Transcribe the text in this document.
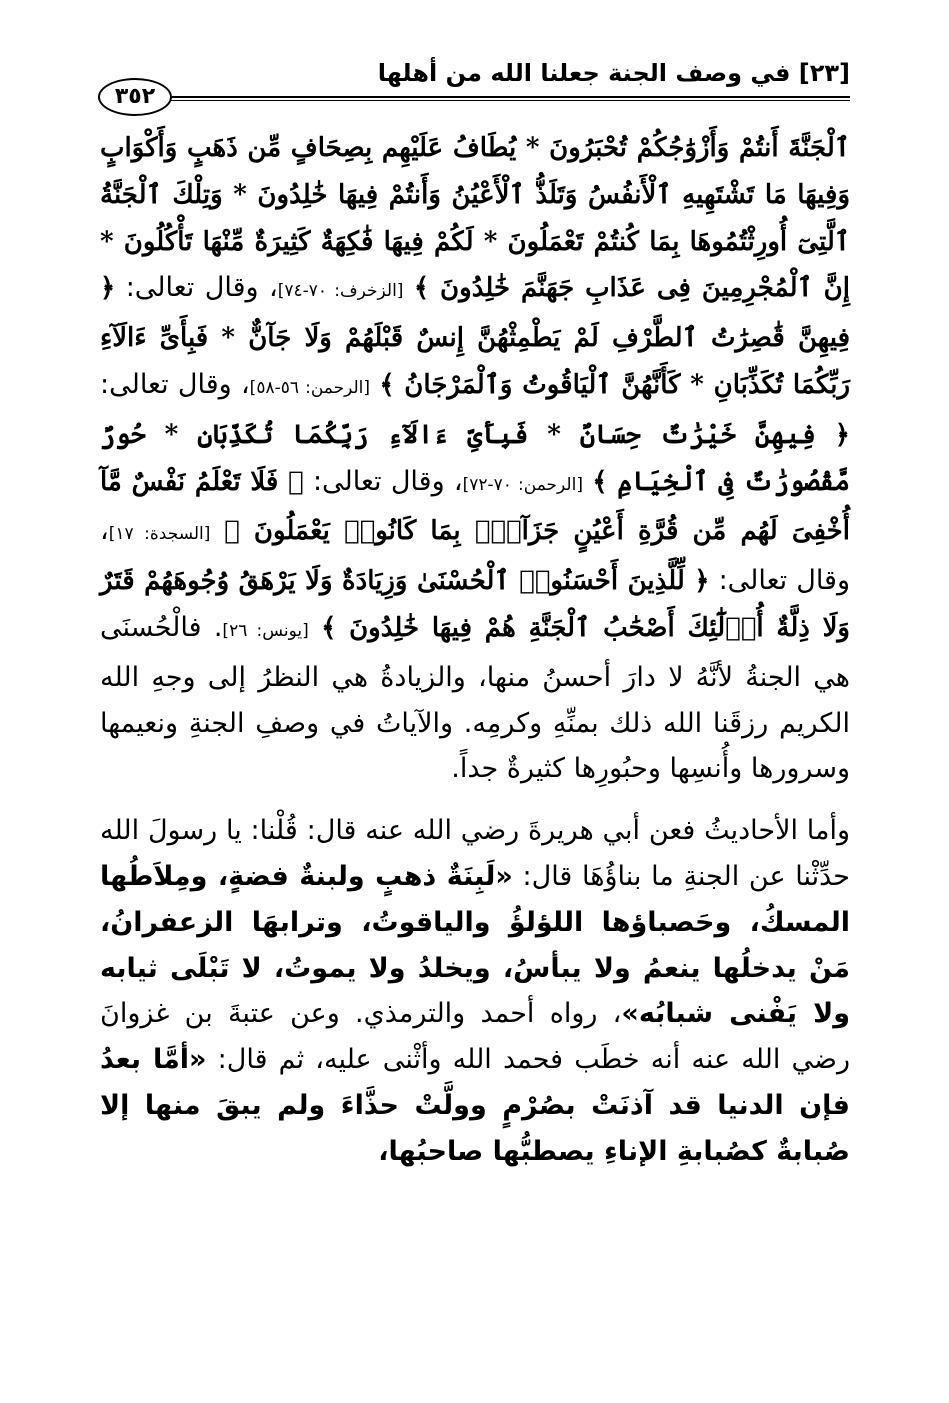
[٢٣] في وصف الجنة جعلنا الله من أهلها
٣٥٢

ٱلْجَنَّةَ أَنتُمْ وَأَزْوَٰجُكُمْ تُحْبَرُونَ * يُطَافُ عَلَيْهِم بِصِحَافٍ مِّن ذَهَبٍ وَأَكْوَابٍ وَفِيهَا مَا تَشْتَهِيهِ ٱلْأَنفُسُ وَتَلَذُّ ٱلْأَعْيُنُ وَأَنتُمْ فِيهَا خَٰلِدُونَ * وَتِلْكَ ٱلْجَنَّةُ ٱلَّتِىٓ أُورِثْتُمُوهَا بِمَا كُنتُمْ تَعْمَلُونَ * لَكُمْ فِيهَا فَٰكِهَةٌ كَثِيرَةٌ مِّنْهَا تَأْكُلُونَ * إِنَّ ٱلْمُجْرِمِينَ فِى عَذَابِ جَهَنَّمَ خَٰلِدُونَ ﴾ [الزخرف: ٧٠-٧٤]، وقال تعالى: ﴿ فِيهِنَّ قَٰصِرَٰتُ ٱلطَّرْفِ لَمْ يَطْمِثْهُنَّ إِنسٌ قَبْلَهُمْ وَلَا جَآنٌّ * فَبِأَىِّ ءَالَآءِ رَبِّكُمَا تُكَذِّبَانِ * كَأَنَّهُنَّ ٱلْيَاقُوتُ وَٱلْمَرْجَانُ ﴾ [الرحمن: ٥٦-٥٨]، وقال تعالى: ﴿ فِيهِنَّ خَيْرَٰتٌ حِسَانٌ * فَبِأَىِّ ءَالَآءِ رَبِّكُمَا تُكَذِّبَانِ * حُورٌ مَّقْصُورَٰتٌ فِى ٱلْخِيَامِ ﴾ [الرحمن: ٧٠-٧٢]، وقال تعالى: ﴿ فَلَا تَعْلَمُ نَفْسٌ مَّآ أُخْفِىَ لَهُم مِّن قُرَّةِ أَعْيُنٍ جَزَآءًۢ بِمَا كَانُوا۟ يَعْمَلُونَ ﴾ [السجدة: ١٧]، وقال تعالى: ﴿ لِّلَّذِينَ أَحْسَنُوا۟ ٱلْحُسْنَىٰ وَزِيَادَةٌ وَلَا يَرْهَقُ وُجُوهَهُمْ قَتَرٌ وَلَا ذِلَّةٌ أُو۟لَٰٓئِكَ أَصْحَٰبُ ٱلْجَنَّةِ هُمْ فِيهَا خَٰلِدُونَ ﴾ [يونس: ٢٦]. فالْحُسنَى هي الجنةُ لأنَّهُ لا دارَ أحسنُ منها، والزيادةُ هي النظرُ إلى وجهِ الله الكريم رزقَنا الله ذلك بمنِّهِ وكرمِه. والآياتُ في وصفِ الجنةِ ونعيمها وسرورها وأُنسِها وحبُورِها كثيرةٌ جداً.

وأما الأحاديثُ فعن أبي هريرةَ رضي الله عنه قال: قُلْنا: يا رسولَ الله حدِّثْنا عن الجنةِ ما بناؤُهَا قال: «لَبِنَةٌ ذهبٍ ولبنةٌ فضةٍ، ومِلاَطُها المسكُ، وحَصباؤها اللؤلؤُ والياقوتُ، وترابهَا الزعفرانُ، مَنْ يدخلُها ينعمُ ولا يبأسُ، ويخلدُ ولا يموتُ، لا تَبْلَى ثيابه ولا يَفْنى شبابُه»، رواه أحمد والترمذي. وعن عتبةَ بن غزوانَ رضي الله عنه أنه خطَب فحمد الله وأثْنى عليه، ثم قال: «أمَّا بعدُ فإن الدنيا قد آذنَتْ بصُرْمٍ وولَّتْ حذَّاءَ ولم يبقَ منها إلا صُبابةٌ كصُبابةِ الإناءِ يصطبُّها صاحبُها،
